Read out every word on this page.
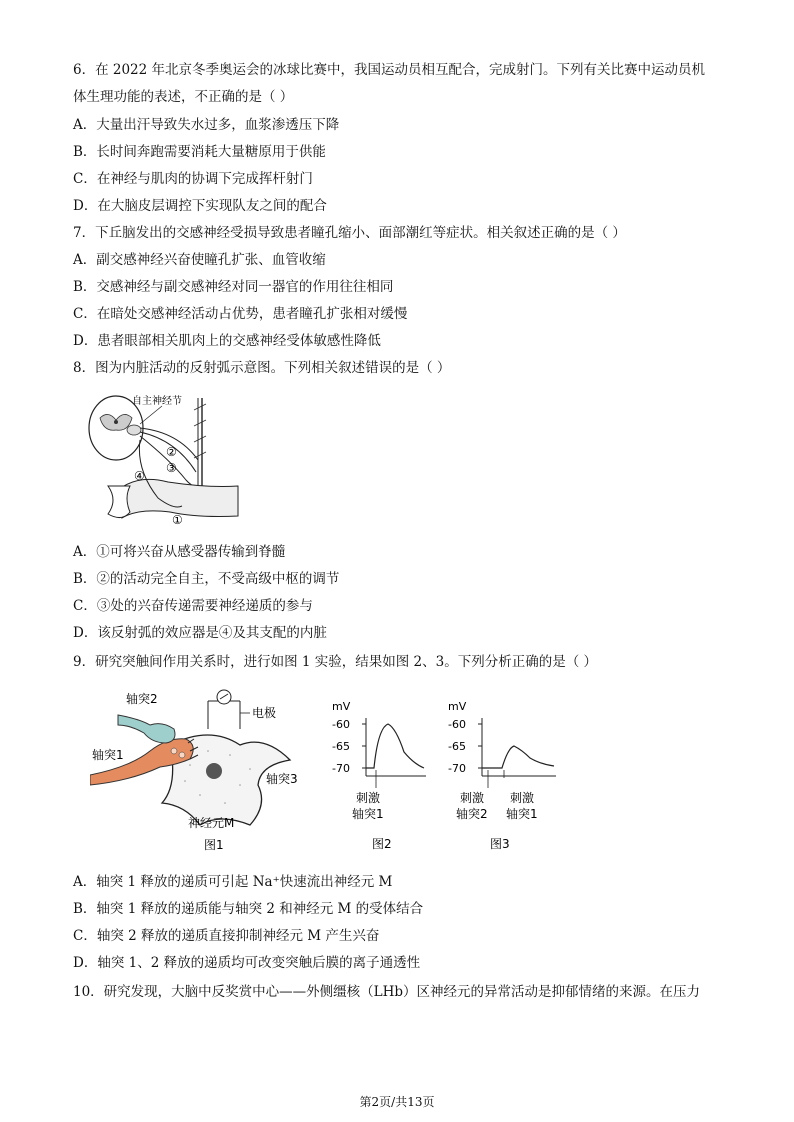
6．在 2022 年北京冬季奥运会的冰球比赛中，我国运动员相互配合，完成射门。下列有关比赛中运动员机
体生理功能的表述，不正确的是（ ）
A．大量出汗导致失水过多，血浆渗透压下降
B．长时间奔跑需要消耗大量糖原用于供能
C．在神经与肌肉的协调下完成挥杆射门
D．在大脑皮层调控下实现队友之间的配合
7．下丘脑发出的交感神经受损导致患者瞳孔缩小、面部潮红等症状。相关叙述正确的是（ ）
A．副交感神经兴奋使瞳孔扩张、血管收缩
B．交感神经与副交感神经对同一器官的作用往往相同
C．在暗处交感神经活动占优势，患者瞳孔扩张相对缓慢
D．患者眼部相关肌肉上的交感神经受体敏感性降低
8．图为内脏活动的反射弧示意图。下列相关叙述错误的是（ ）
自主神经节
②
③
④
①
A．①可将兴奋从感受器传输到脊髓
B．②的活动完全自主，不受高级中枢的调节
C．③处的兴奋传递需要神经递质的参与
D．该反射弧的效应器是④及其支配的内脏
9．研究突触间作用关系时，进行如图 1 实验，结果如图 2、3。下列分析正确的是（ ）
轴突2
电极
轴突1
轴突3
神经元M
图1
mV
-60
-65
-70
刺激
轴突1
图2
mV
-60
-65
-70
刺激
轴突2
刺激
轴突1
图3
A．轴突 1 释放的递质可引起 Na⁺快速流出神经元 M
B．轴突 1 释放的递质能与轴突 2 和神经元 M 的受体结合
C．轴突 2 释放的递质直接抑制神经元 M 产生兴奋
D．轴突 1、2 释放的递质均可改变突触后膜的离子通透性
10．研究发现，大脑中反奖赏中心——外侧缰核（LHb）区神经元的异常活动是抑郁情绪的来源。在压力
第2页/共13页
